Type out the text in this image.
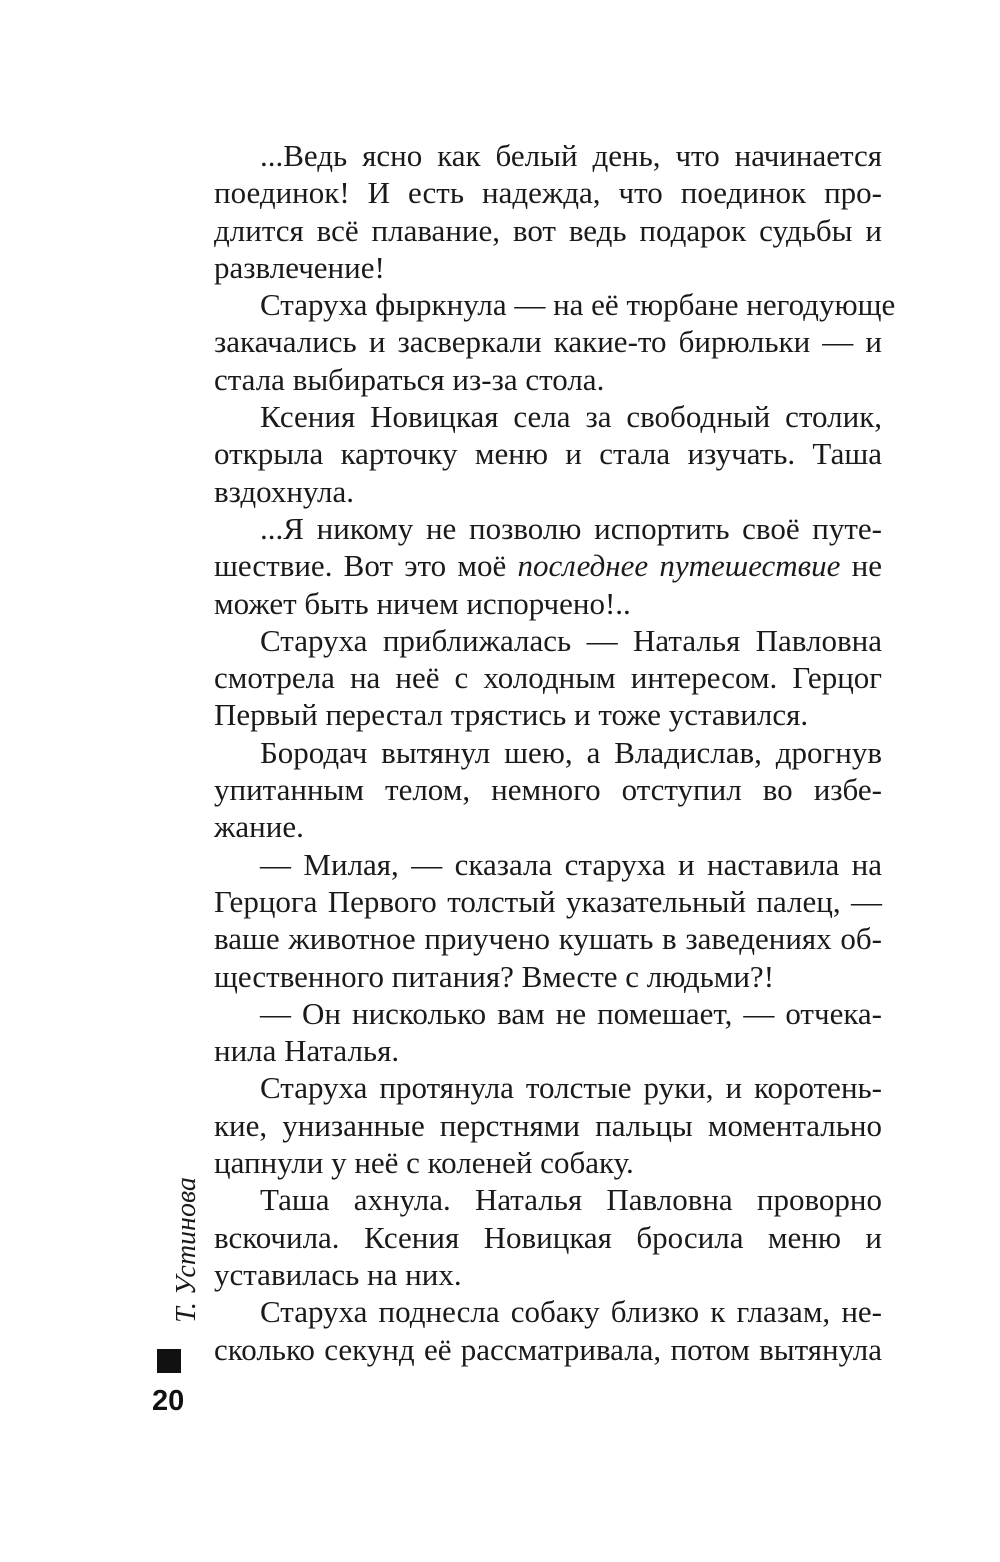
...Ведь ясно как белый день, что начинается
поединок! И есть надежда, что поединок про-
длится всё плавание, вот ведь подарок судьбы и
развлечение!
Старуха фыркнула — на её тюрбане негодующе
закачались и засверкали какие-то бирюльки — и
стала выбираться из-за стола.
Ксения Новицкая села за свободный столик,
открыла карточку меню и стала изучать. Таша
вздохнула.
...Я никому не позволю испортить своё путе-
шествие. Вот это моё последнее путешествие не
может быть ничем испорчено!..
Старуха приближалась — Наталья Павловна
смотрела на неё с холодным интересом. Герцог
Первый перестал трястись и тоже уставился.
Бородач вытянул шею, а Владислав, дрогнув
упитанным телом, немного отступил во избе-
жание.
— Милая, — сказала старуха и наставила на
Герцога Первого толстый указательный палец, —
ваше животное приучено кушать в заведениях об-
щественного питания? Вместе с людьми?!
— Он нисколько вам не помешает, — отчека-
нила Наталья.
Старуха протянула толстые руки, и коротень-
кие, унизанные перстнями пальцы моментально
цапнули у неё с коленей собаку.
Таша ахнула. Наталья Павловна проворно
вскочила. Ксения Новицкая бросила меню и
уставилась на них.
Старуха поднесла собаку близко к глазам, не-
сколько секунд её рассматривала, потом вытянула
Т. Устинова
20
